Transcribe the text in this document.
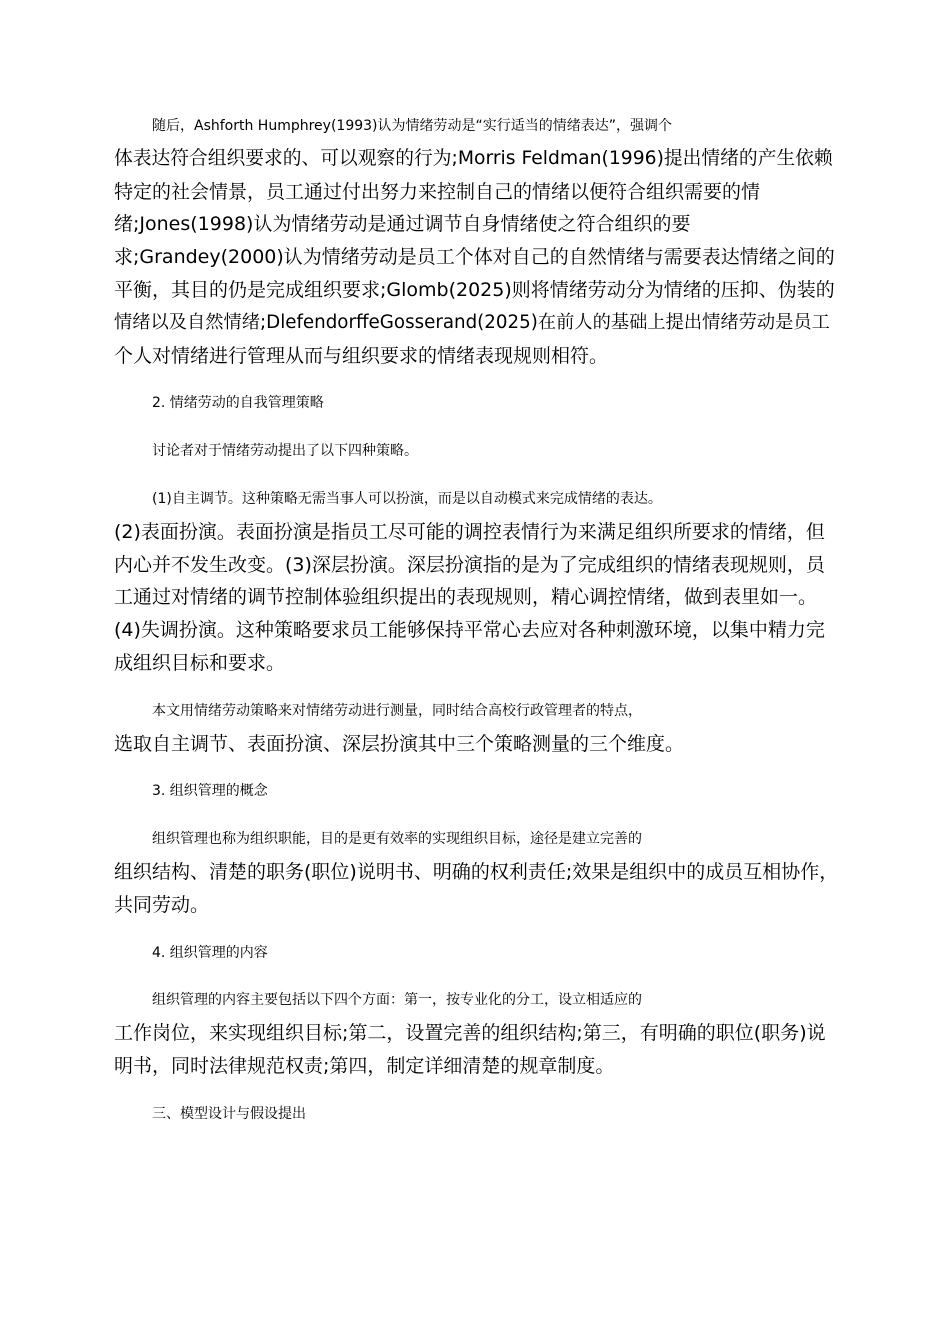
随后，Ashforth Humphrey(1993)认为情绪劳动是“实行适当的情绪表达”，强调个
体表达符合组织要求的、可以观察的行为;Morris Feldman(1996)提出情绪的产生依赖
特定的社会情景，员工通过付出努力来控制自己的情绪以便符合组织需要的情
绪;Jones(1998)认为情绪劳动是通过调节自身情绪使之符合组织的要
求;Grandey(2000)认为情绪劳动是员工个体对自己的自然情绪与需要表达情绪之间的
平衡，其目的仍是完成组织要求;Glomb(2025)则将情绪劳动分为情绪的压抑、伪装的
情绪以及自然情绪;DlefendorffeGosserand(2025)在前人的基础上提出情绪劳动是员工
个人对情绪进行管理从而与组织要求的情绪表现规则相符。
2. 情绪劳动的自我管理策略
讨论者对于情绪劳动提出了以下四种策略。
(1)自主调节。这种策略无需当事人可以扮演，而是以自动模式来完成情绪的表达。
(2)表面扮演。表面扮演是指员工尽可能的调控表情行为来满足组织所要求的情绪，但
内心并不发生改变。(3)深层扮演。深层扮演指的是为了完成组织的情绪表现规则，员
工通过对情绪的调节控制体验组织提出的表现规则，精心调控情绪，做到表里如一。
(4)失调扮演。这种策略要求员工能够保持平常心去应对各种刺激环境，以集中精力完
成组织目标和要求。
本文用情绪劳动策略来对情绪劳动进行测量，同时结合高校行政管理者的特点，
选取自主调节、表面扮演、深层扮演其中三个策略测量的三个维度。
3. 组织管理的概念
组织管理也称为组织职能，目的是更有效率的实现组织目标，途径是建立完善的
组织结构、清楚的职务(职位)说明书、明确的权利责任;效果是组织中的成员互相协作，
共同劳动。
4. 组织管理的内容
组织管理的内容主要包括以下四个方面：第一，按专业化的分工，设立相适应的
工作岗位，来实现组织目标;第二，设置完善的组织结构;第三，有明确的职位(职务)说
明书，同时法律规范权责;第四，制定详细清楚的规章制度。
三、模型设计与假设提出
